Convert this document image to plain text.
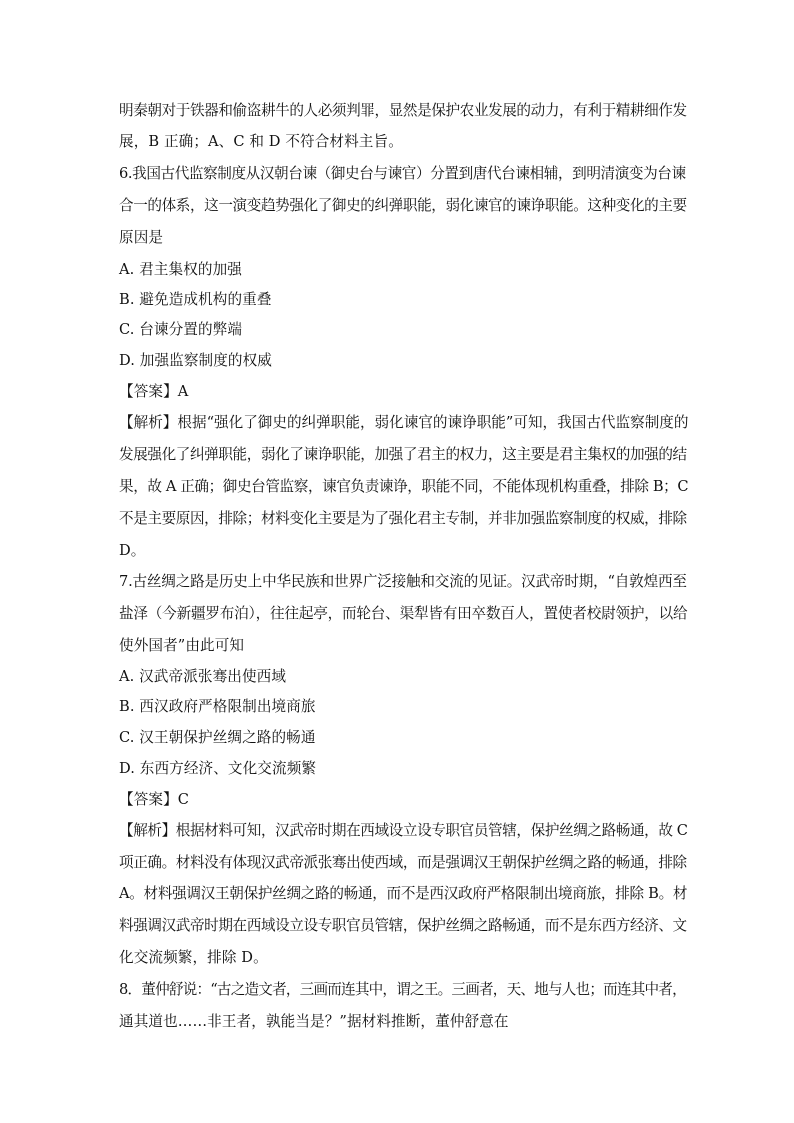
明秦朝对于铁器和偷盗耕牛的人必须判罪，显然是保护农业发展的动力，有利于精耕细作发
展，B 正确；A、C 和 D 不符合材料主旨。
6.我国古代监察制度从汉朝台谏（御史台与谏官）分置到唐代台谏相辅，到明清演变为台谏
合一的体系，这一演变趋势强化了御史的纠弹职能，弱化谏官的谏诤职能。这种变化的主要
原因是
A. 君主集权的加强
B. 避免造成机构的重叠
C. 台谏分置的弊端
D. 加强监察制度的权威
【答案】A
【解析】根据“强化了御史的纠弹职能，弱化谏官的谏诤职能”可知，我国古代监察制度的
发展强化了纠弹职能，弱化了谏诤职能，加强了君主的权力，这主要是君主集权的加强的结
果，故 A 正确；御史台管监察，谏官负责谏诤，职能不同，不能体现机构重叠，排除 B；C
不是主要原因，排除；材料变化主要是为了强化君主专制，并非加强监察制度的权威，排除
D。
7.古丝绸之路是历史上中华民族和世界广泛接触和交流的见证。汉武帝时期，“自敦煌西至
盐泽（今新疆罗布泊），往往起亭，而轮台、渠犁皆有田卒数百人，置使者校尉领护，以给
使外国者”由此可知
A. 汉武帝派张骞出使西域
B. 西汉政府严格限制出境商旅
C. 汉王朝保护丝绸之路的畅通
D. 东西方经济、文化交流频繁
【答案】C
【解析】根据材料可知，汉武帝时期在西域设立设专职官员管辖，保护丝绸之路畅通，故 C
项正确。材料没有体现汉武帝派张骞出使西域，而是强调汉王朝保护丝绸之路的畅通，排除
A。材料强调汉王朝保护丝绸之路的畅通，而不是西汉政府严格限制出境商旅，排除 B。材
料强调汉武帝时期在西域设立设专职官员管辖，保护丝绸之路畅通，而不是东西方经济、文
化交流频繁，排除 D。
8．董仲舒说：“古之造文者，三画而连其中，谓之王。三画者，天、地与人也；而连其中者，
通其道也……非王者，孰能当是？”据材料推断，董仲舒意在
